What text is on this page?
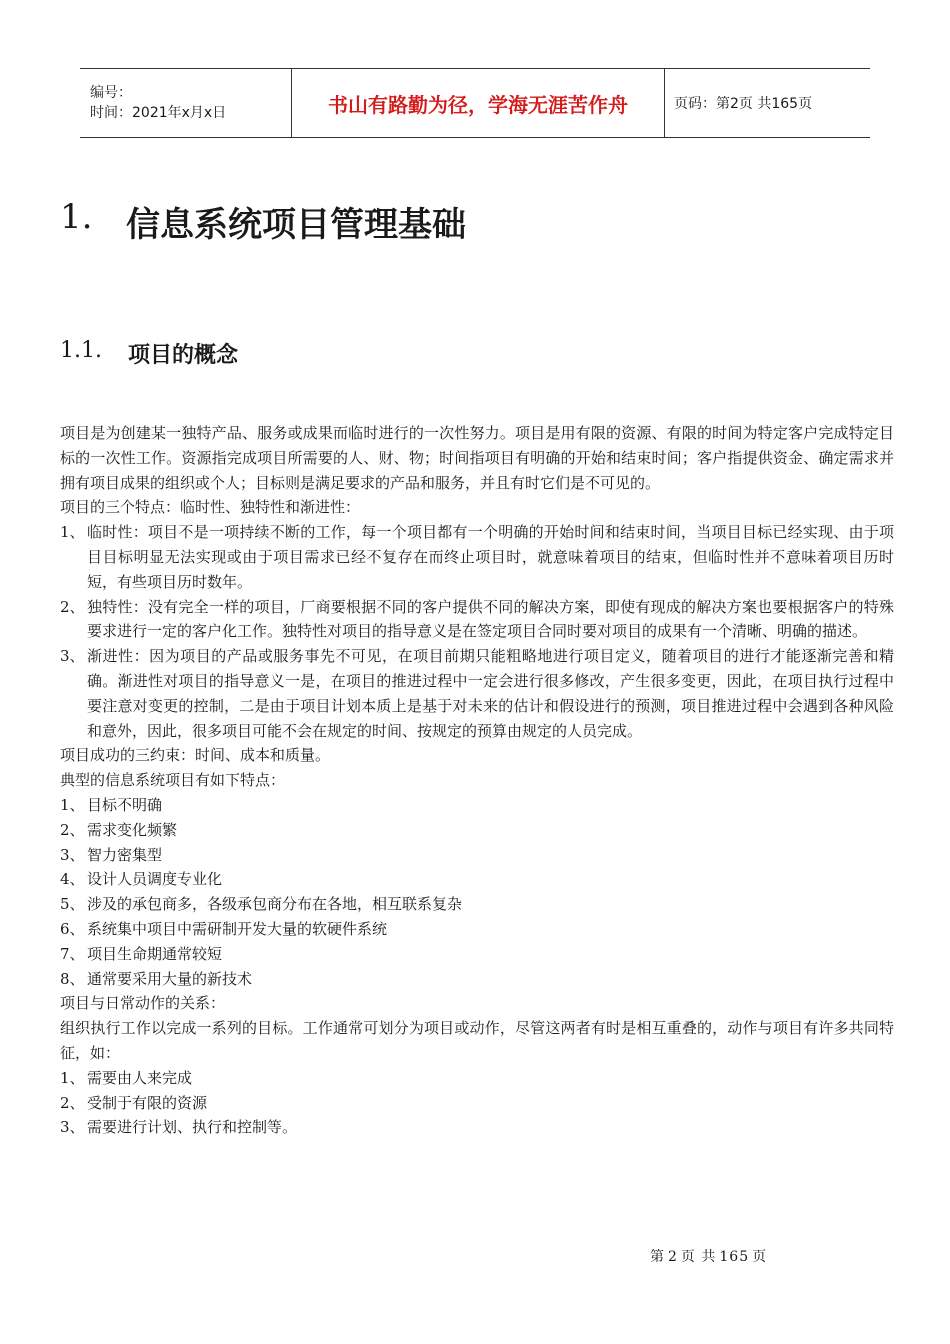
编号：
时间：2021年x月x日	书山有路勤为径，学海无涯苦作舟	页码：第2页 共165页
1. 信息系统项目管理基础
1.1.	项目的概念

项目是为创建某一独特产品、服务或成果而临时进行的一次性努力。项目是用有限的资源、有限的时间为特定客户完成特定目标的一次性工作。资源指完成项目所需要的人、财、物；时间指项目有明确的开始和结束时间；客户指提供资金、确定需求并拥有项目成果的组织或个人；目标则是满足要求的产品和服务，并且有时它们是不可见的。

项目的三个特点：临时性、独特性和渐进性：

1、 临时性：项目不是一项持续不断的工作，每一个项目都有一个明确的开始时间和结束时间，当项目目标已经实现、由于项目目标明显无法实现或由于项目需求已经不复存在而终止项目时，就意味着项目的结束，但临时性并不意味着项目历时短，有些项目历时数年。

2、 独特性：没有完全一样的项目，厂商要根据不同的客户提供不同的解决方案，即使有现成的解决方案也要根据客户的特殊要求进行一定的客户化工作。独特性对项目的指导意义是在签定项目合同时要对项目的成果有一个清晰、明确的描述。

3、 渐进性：因为项目的产品或服务事先不可见，在项目前期只能粗略地进行项目定义，随着项目的进行才能逐渐完善和精确。渐进性对项目的指导意义一是，在项目的推进过程中一定会进行很多修改，产生很多变更，因此，在项目执行过程中要注意对变更的控制，二是由于项目计划本质上是基于对未来的估计和假设进行的预测，项目推进过程中会遇到各种风险和意外，因此，很多项目可能不会在规定的时间、按规定的预算由规定的人员完成。

项目成功的三约束：时间、成本和质量。

典型的信息系统项目有如下特点：

1、 目标不明确

2、 需求变化频繁

3、 智力密集型

4、 设计人员调度专业化

5、 涉及的承包商多，各级承包商分布在各地，相互联系复杂

6、 系统集中项目中需研制开发大量的软硬件系统

7、 项目生命期通常较短

8、 通常要采用大量的新技术

项目与日常动作的关系：

组织执行工作以完成一系列的目标。工作通常可划分为项目或动作，尽管这两者有时是相互重叠的，动作与项目有许多共同特征，如：

1、 需要由人来完成

2、 受制于有限的资源

3、 需要进行计划、执行和控制等。

第 2 页 共 165 页
